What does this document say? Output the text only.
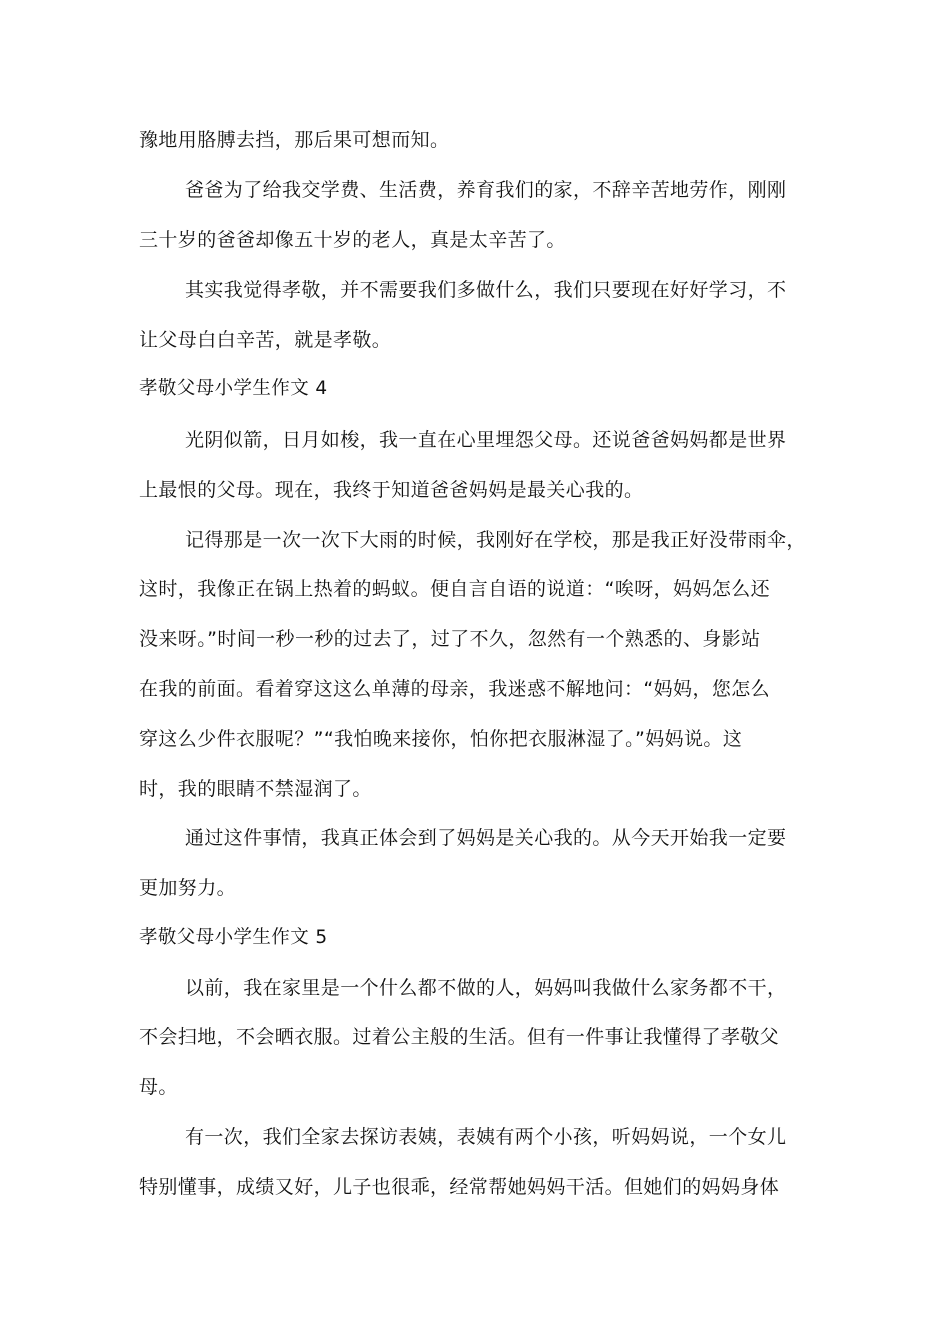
豫地用胳膊去挡，那后果可想而知。
爸爸为了给我交学费、生活费，养育我们的家，不辞辛苦地劳作，刚刚
三十岁的爸爸却像五十岁的老人，真是太辛苦了。
其实我觉得孝敬，并不需要我们多做什么，我们只要现在好好学习，不
让父母白白辛苦，就是孝敬。
孝敬父母小学生作文 4
光阴似箭，日月如梭，我一直在心里埋怨父母。还说爸爸妈妈都是世界
上最恨的父母。现在，我终于知道爸爸妈妈是最关心我的。
记得那是一次一次下大雨的时候，我刚好在学校，那是我正好没带雨伞，
这时，我像正在锅上热着的蚂蚁。便自言自语的说道：“唉呀，妈妈怎么还
没来呀。”时间一秒一秒的过去了，过了不久，忽然有一个熟悉的、身影站
在我的前面。看着穿这这么单薄的母亲，我迷惑不解地问：“妈妈，您怎么
穿这么少件衣服呢？”“我怕晚来接你，怕你把衣服淋湿了。”妈妈说。这
时，我的眼睛不禁湿润了。
通过这件事情，我真正体会到了妈妈是关心我的。从今天开始我一定要
更加努力。
孝敬父母小学生作文 5
以前，我在家里是一个什么都不做的人，妈妈叫我做什么家务都不干，
不会扫地，不会晒衣服。过着公主般的生活。但有一件事让我懂得了孝敬父
母。
有一次，我们全家去探访表姨，表姨有两个小孩，听妈妈说，一个女儿
特别懂事，成绩又好，儿子也很乖，经常帮她妈妈干活。但她们的妈妈身体
